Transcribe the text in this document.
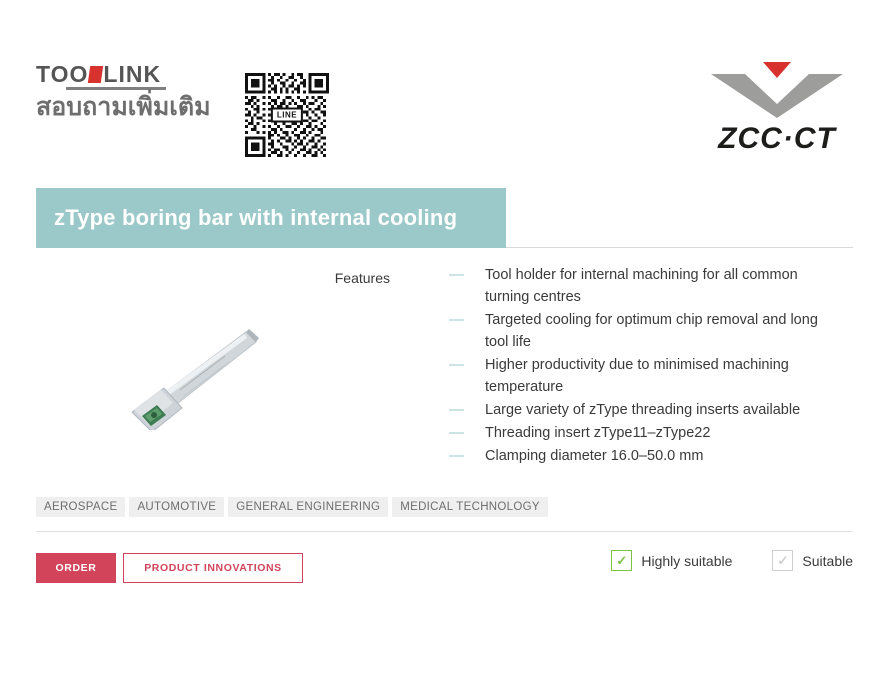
TOO LINK
สอบถามเพิ่มเติม	LINE
ZCC·CT
zType boring bar with internal cooling
Features	—	Tool holder for internal machining for all common turning centres
—	Targeted cooling for optimum chip removal and long tool life
—	Higher productivity due to minimised machining temperature
—	Large variety of zType threading inserts available
—	Threading insert zType11–zType22
—	Clamping diameter 16.0–50.0 mm
AEROSPACE	AUTOMOTIVE	GENERAL ENGINEERING	MEDICAL TECHNOLOGY
ORDER	PRODUCT INNOVATIONS
✓	Highly suitable	✓	Suitable
